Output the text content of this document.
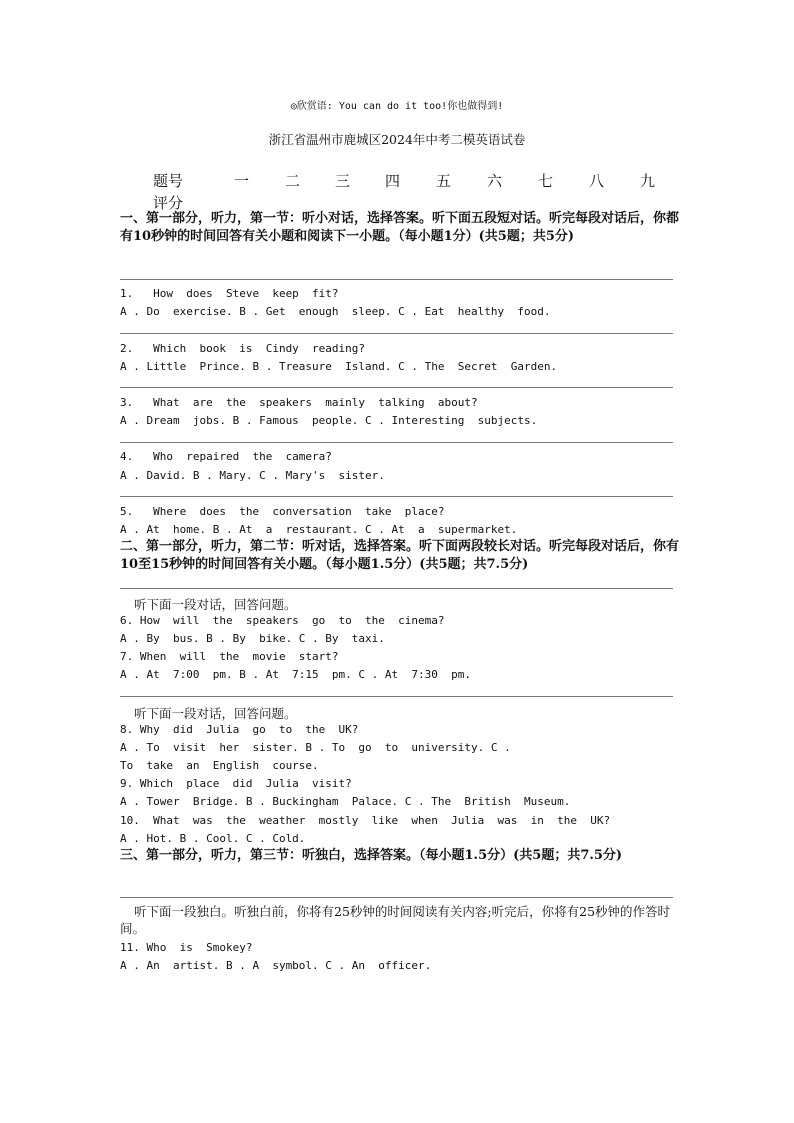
◎欣赏语: You can do it too!你也做得到!
浙江省温州市鹿城区2024年中考二模英语试卷
题号	一 二 三 四 五 六 七 八 九
评分
一、第一部分，听力，第一节：听小对话，选择答案。听下面五段短对话。听完每段对话后，你都有10秒钟的时间回答有关小题和阅读下一小题。（每小题1分）(共5题；共5分)
1.   How  does  Steve  keep  fit?
A . Do  exercise. B . Get  enough  sleep. C . Eat  healthy  food.
2.   Which  book  is  Cindy  reading?
A . Little  Prince. B . Treasure  Island. C . The  Secret  Garden.
3.   What  are  the  speakers  mainly  talking  about?
A . Dream  jobs. B . Famous  people. C . Interesting  subjects.
4.   Who  repaired  the  camera?
A . David. B . Mary. C . Mary's  sister.
5.   Where  does  the  conversation  take  place?
A . At  home. B . At  a  restaurant. C . At  a  supermarket.
二、第一部分，听力，第二节：听对话，选择答案。听下面两段较长对话。听完每段对话后，你有10至15秒钟的时间回答有关小题。（每小题1.5分）(共5题；共7.5分)
听下面一段对话，回答问题。
6. How  will  the  speakers  go  to  the  cinema?
A . By  bus. B . By  bike. C . By  taxi.
7. When  will  the  movie  start?
A . At  7:00  pm. B . At  7:15  pm. C . At  7:30  pm.
听下面一段对话，回答问题。
8. Why  did  Julia  go  to  the  UK?
A . To  visit  her  sister. B . To  go  to  university. C .
To  take  an  English  course.
9. Which  place  did  Julia  visit?
A . Tower  Bridge. B . Buckingham  Palace. C . The  British  Museum.
10.  What  was  the  weather  mostly  like  when  Julia  was  in  the  UK?
A . Hot. B . Cool. C . Cold.
三、第一部分，听力，第三节：听独白，选择答案。（每小题1.5分）(共5题；共7.5分)
听下面一段独白。听独白前，你将有25秒钟的时间阅读有关内容;听完后，你将有25秒钟的作答时间。
11. Who  is  Smokey?
A . An  artist. B . A  symbol. C . An  officer.
